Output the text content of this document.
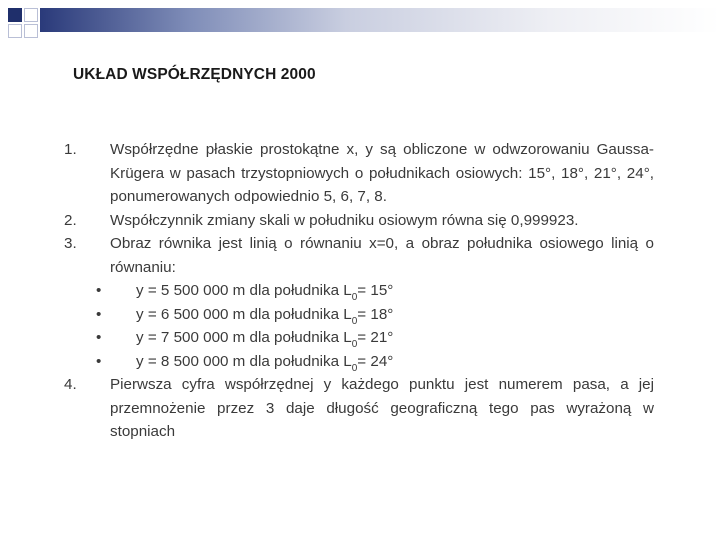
UKŁAD WSPÓŁRZĘDNYCH 2000
1.	Współrzędne płaskie prostokątne x, y są obliczone w odwzorowaniu Gaussa-Krügera w pasach trzystopniowych o południkach osiowych: 15°, 18°, 21°, 24°, ponumerowanych odpowiednio 5, 6, 7, 8.
2.	Współczynnik zmiany skali w południku osiowym równa się 0,999923.
3.	Obraz równika jest linią o równaniu x=0, a obraz południka osiowego linią o równaniu:
•	y = 5 500 000 m dla południka $L_0= 15^\circ$
•	y = 6 500 000 m dla południka $L_0= 18^\circ$
•	y = 7 500 000 m dla południka $L_0= 21^\circ$
•	y = 8 500 000 m dla południka $L_0= 24^\circ$
4.	Pierwsza cyfra współrzędnej y każdego punktu jest numerem pasa, a jej przemnożenie przez 3 daje długość geograficzną tego pas wyrażoną w stopniach
